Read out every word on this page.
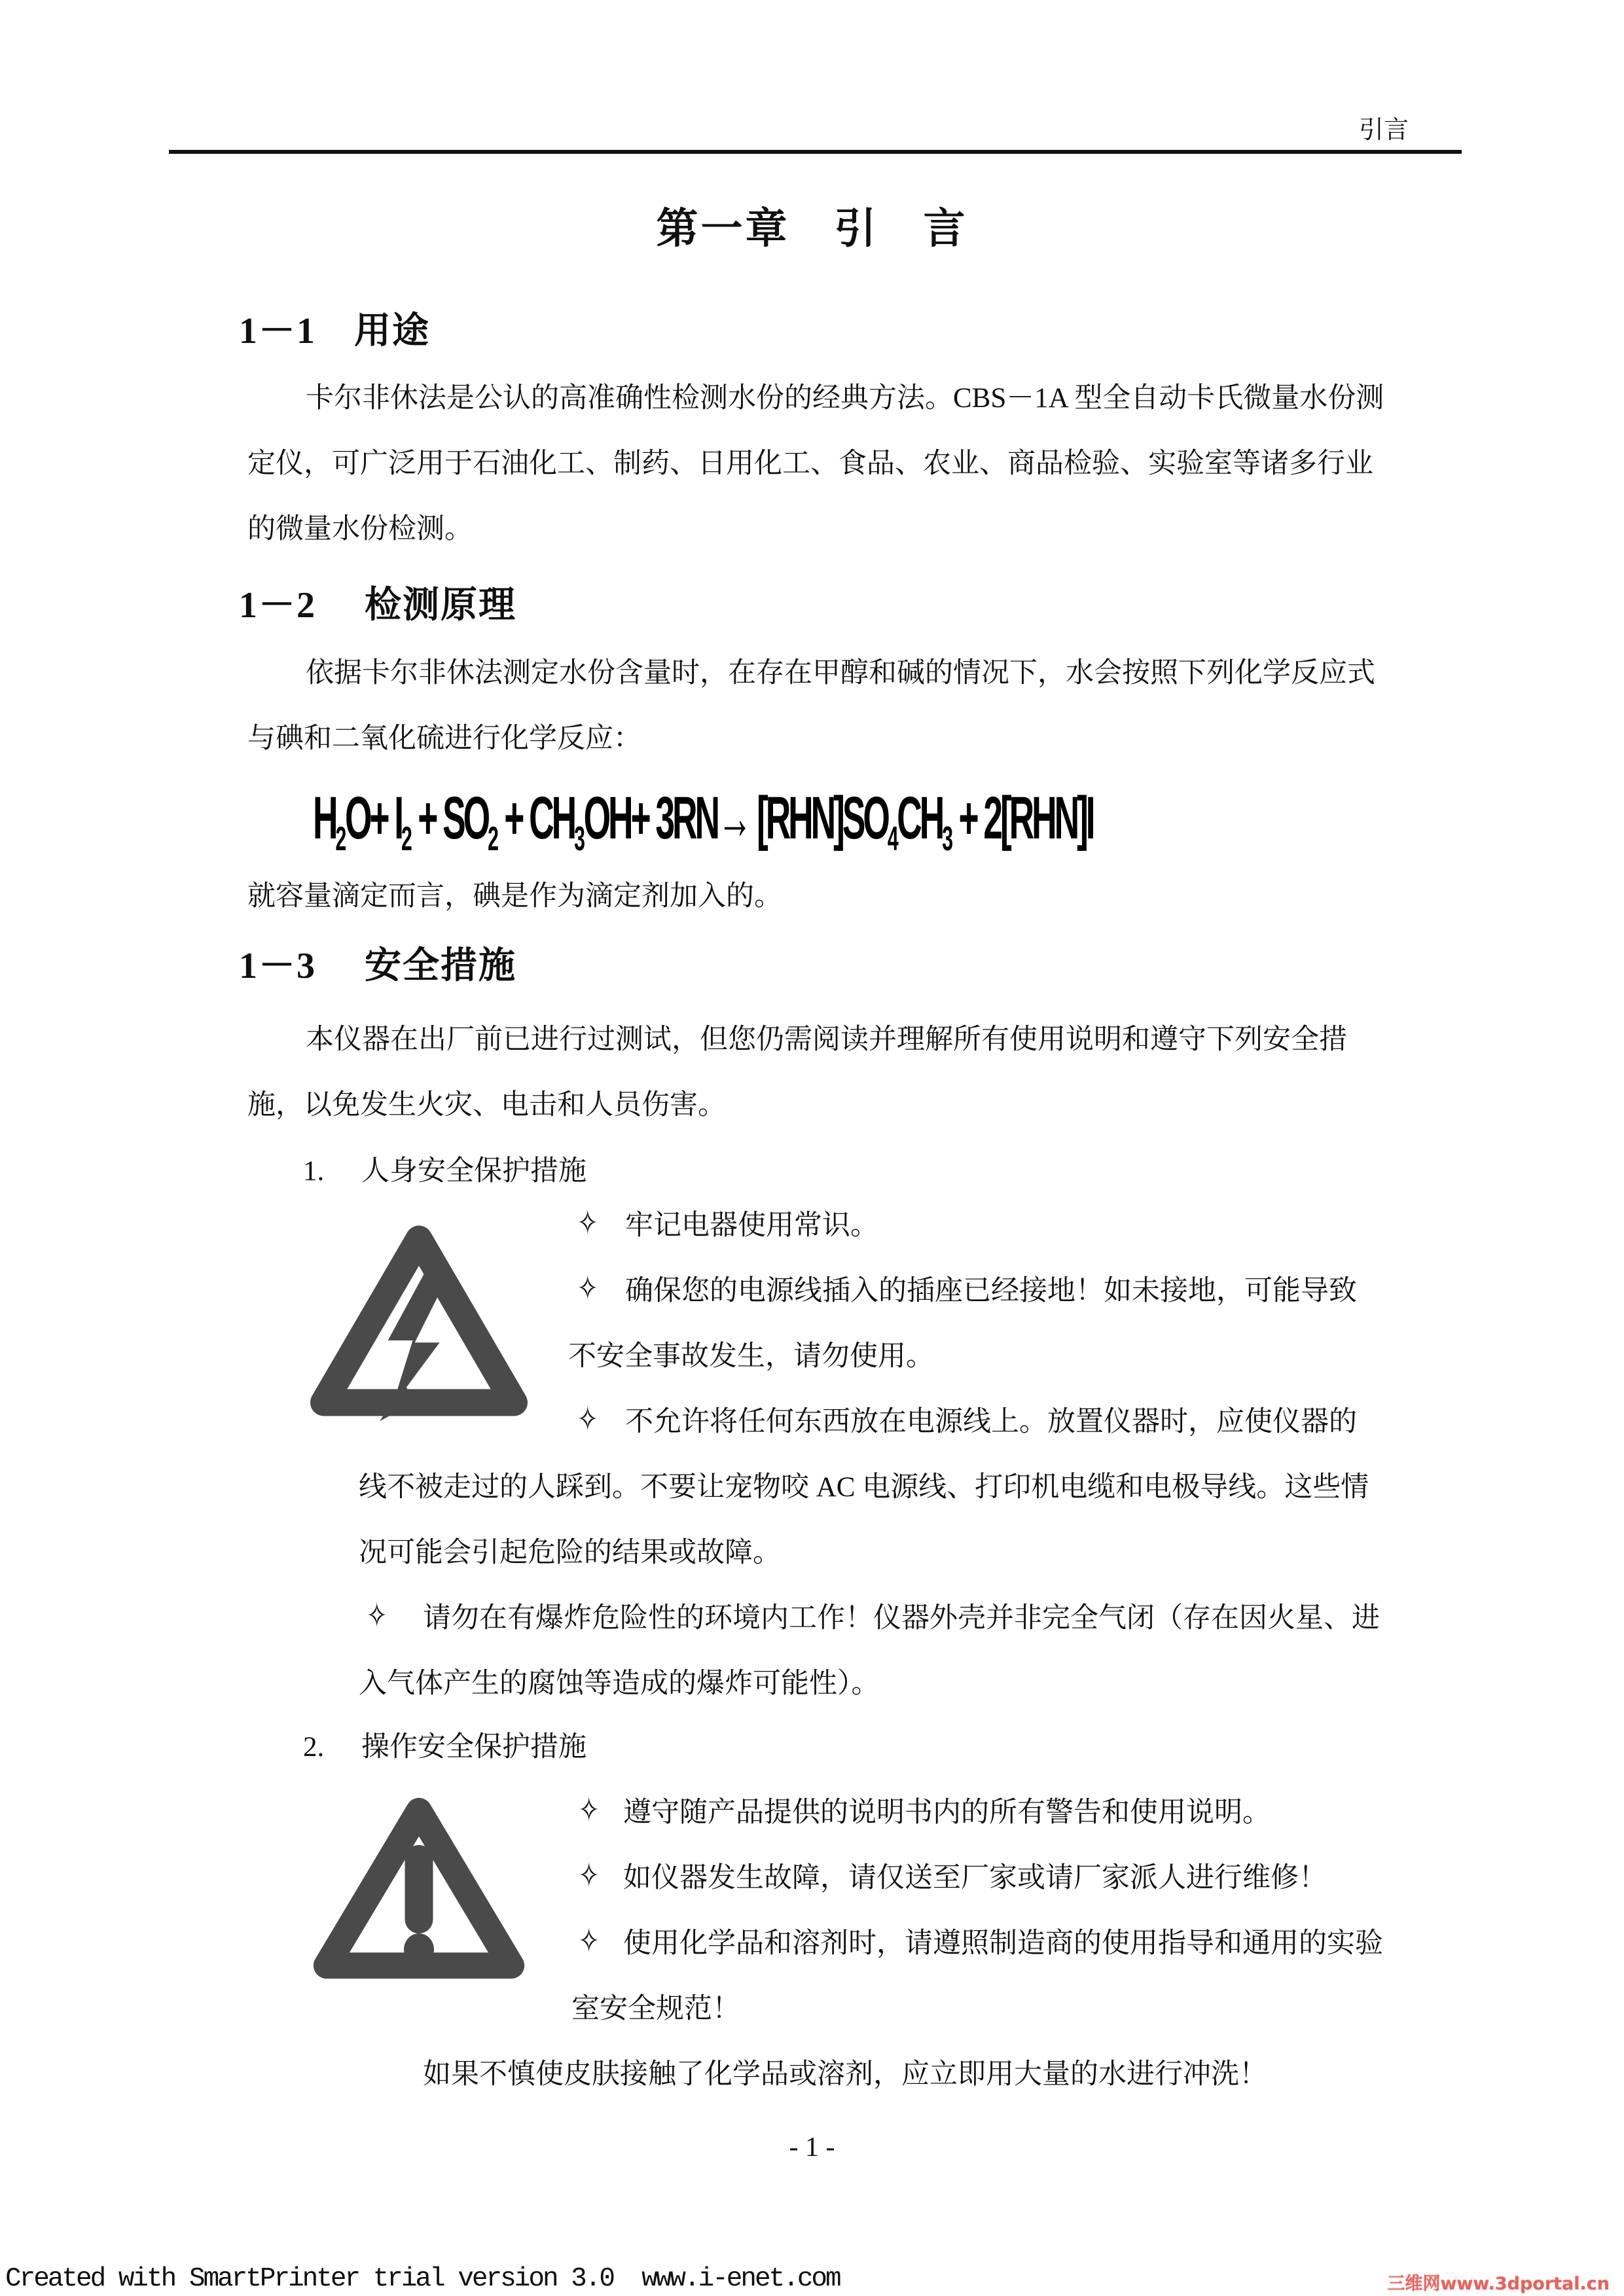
第一章　引　言
引言
1－1　用途
卡尔非休法是公认的高准确性检测水份的经典方法。CBS－1A 型全自动卡氏微量水份测
定仪，可广泛用于石油化工、制药、日用化工、食品、农业、商品检验、实验室等诸多行业
的微量水份检测。
1－2　 检测原理
依据卡尔非休法测定水份含量时，在存在甲醇和碱的情况下，水会按照下列化学反应式
与碘和二氧化硫进行化学反应：
就容量滴定而言，碘是作为滴定剂加入的。
1－3　 安全措施
本仪器在出厂前已进行过测试，但您仍需阅读并理解所有使用说明和遵守下列安全措
施，以免发生火灾、电击和人员伤害。
1. 人身安全保护措施
✧ 牢记电器使用常识。
✧ 确保您的电源线插入的插座已经接地！如未接地，可能导致
不安全事故发生，请勿使用。
✧ 不允许将任何东西放在电源线上。放置仪器时，应使仪器的
线不被走过的人踩到。不要让宠物咬 AC 电源线、打印机电缆和电极导线。这些情
况可能会引起危险的结果或故障。
✧ 请勿在有爆炸危险性的环境内工作！仪器外壳并非完全气闭（存在因火星、进
入气体产生的腐蚀等造成的爆炸可能性）。
2. 操作安全保护措施
✧ 遵守随产品提供的说明书内的所有警告和使用说明。
✧ 如仪器发生故障，请仅送至厂家或请厂家派人进行维修！
✧ 使用化学品和溶剂时，请遵照制造商的使用指导和通用的实验
室安全规范！
如果不慎使皮肤接触了化学品或溶剂，应立即用大量的水进行冲洗！
$H_2O+ I_2 + SO_2 + CH_3OH+ 3RN\to [RHN]SO_4CH_3 + 2[RHN]I$
- 1 -
Created with SmartPrinter trial version 3.0  www.i-enet.com	三维网www.3dportal.cn
